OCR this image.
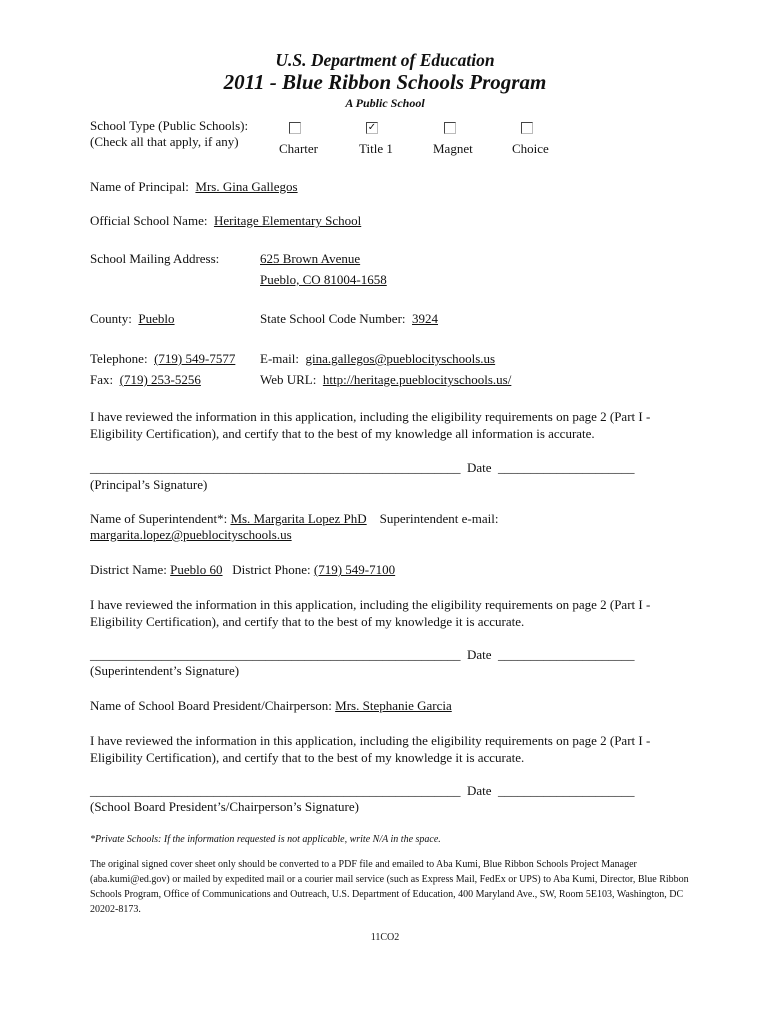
U.S. Department of Education
2011 - Blue Ribbon Schools Program
A Public School
School Type (Public Schools):
(Check all that apply, if any)
✓
Charter	Title 1	Magnet	Choice
Name of Principal: Mrs. Gina Gallegos
Official School Name: Heritage Elementary School
School Mailing Address:	625 Brown Avenue
Pueblo, CO 81004-1658
County: Pueblo	State School Code Number: 3924
Telephone: (719) 549-7577 E-mail: gina.gallegos@pueblocityschools.us
Fax: (719) 253-5256	Web URL: http://heritage.pueblocityschools.us/
I have reviewed the information in this application, including the eligibility requirements on page 2 (Part I - Eligibility Certification), and certify that to the best of my knowledge all information is accurate.
_________________________________________________________ Date _____________________
(Principal’s Signature)
Name of Superintendent*: Ms. Margarita Lopez PhD Superintendent e-mail:
margarita.lopez@pueblocityschools.us
District Name: Pueblo 60 District Phone: (719) 549-7100
I have reviewed the information in this application, including the eligibility requirements on page 2 (Part I - Eligibility Certification), and certify that to the best of my knowledge it is accurate.
_________________________________________________________ Date _____________________
(Superintendent’s Signature)
Name of School Board President/Chairperson: Mrs. Stephanie Garcia
I have reviewed the information in this application, including the eligibility requirements on page 2 (Part I - Eligibility Certification), and certify that to the best of my knowledge it is accurate.
_________________________________________________________ Date _____________________
(School Board President’s/Chairperson’s Signature)
*Private Schools: If the information requested is not applicable, write N/A in the space.
The original signed cover sheet only should be converted to a PDF file and emailed to Aba Kumi, Blue Ribbon Schools Project Manager (aba.kumi@ed.gov) or mailed by expedited mail or a courier mail service (such as Express Mail, FedEx or UPS) to Aba Kumi, Director, Blue Ribbon Schools Program, Office of Communications and Outreach, U.S. Department of Education, 400 Maryland Ave., SW, Room 5E103, Washington, DC 20202-8173.
11CO2
